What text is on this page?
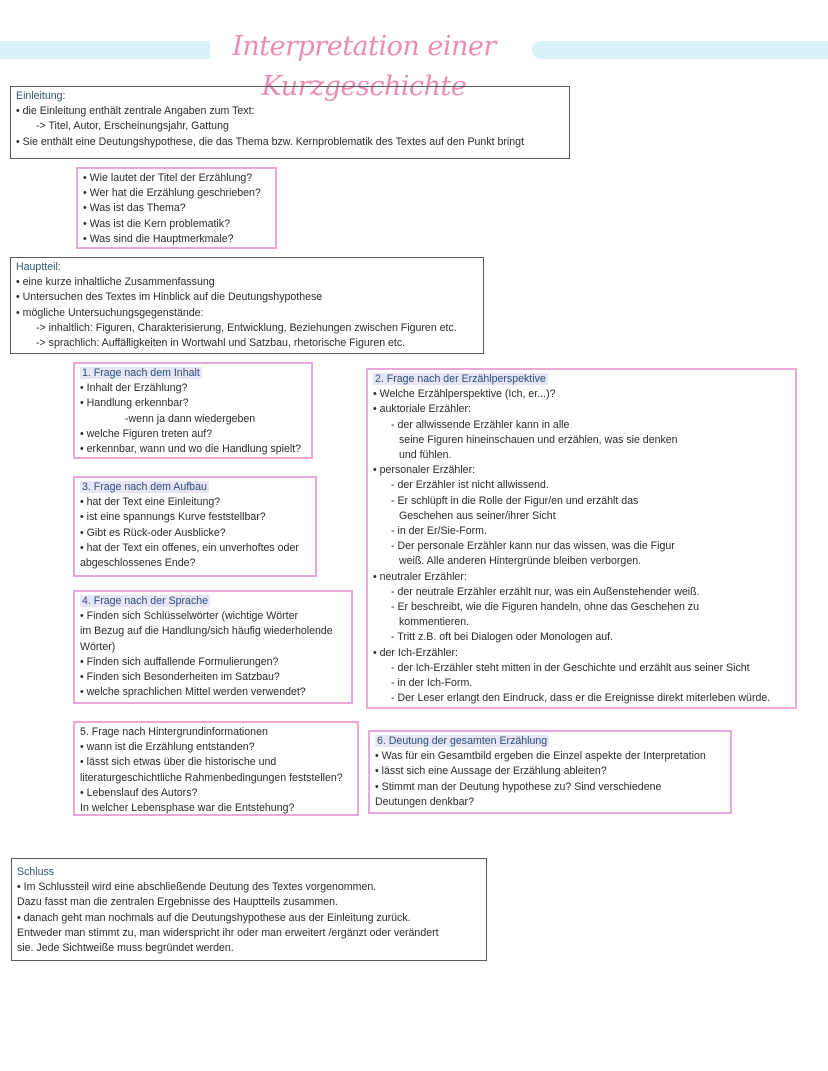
Interpretation einer Kurzgeschichte
Einleitung:
• die Einleitung enthält zentrale Angaben zum Text:
-> Titel, Autor, Erscheinungsjahr, Gattung
• Sie enthält eine Deutungshypothese, die das Thema bzw. Kernproblematik des Textes auf den Punkt bringt
• Wie lautet der Titel der Erzählung?
• Wer hat die Erzählung geschrieben?
• Was ist das Thema?
• Was ist die Kern problematik?
• Was sind die Hauptmerkmale?
Hauptteil:
• eine kurze inhaltliche Zusammenfassung
• Untersuchen des Textes im Hinblick auf die Deutungshypothese
• mögliche Untersuchungsgegenstände:
-> inhaltlich: Figuren, Charakterisierung, Entwicklung, Beziehungen zwischen Figuren etc.
-> sprachlich: Auffälligkeiten in Wortwahl und Satzbau, rhetorische Figuren etc.
1. Frage nach dem Inhalt
• Inhalt der Erzählung?
• Handlung erkennbar?
-wenn ja dann wiedergeben
• welche Figuren treten auf?
• erkennbar, wann und wo die Handlung spielt?
3. Frage nach dem Aufbau
• hat der Text eine Einleitung?
• ist eine spannungs Kurve feststellbar?
• Gibt es Rück-oder Ausblicke?
• hat der Text ein offenes, ein unverhoftes oder
abgeschlossenes Ende?
4. Frage nach der Sprache
• Finden sich Schlüsselwörter (wichtige Wörter
im Bezug auf die Handlung/sich häufig wiederholende
Wörter)
• Finden sich auffallende Formulierungen?
• Finden sich Besonderheiten im Satzbau?
• welche sprachlichen Mittel werden verwendet?
5. Frage nach Hintergrundinformationen
• wann ist die Erzählung entstanden?
• lässt sich etwas über die historische und
literaturgeschichtliche Rahmenbedingungen feststellen?
• Lebenslauf des Autors?
In welcher Lebensphase war die Entstehung?
2. Frage nach der Erzählperspektive
• Welche Erzählperspektive (Ich, er...)?
• auktoriale Erzähler:
- der allwissende Erzähler kann in alle
seine Figuren hineinschauen und erzählen, was sie denken
und fühlen.
• personaler Erzähler:
- der Erzähler ist nicht allwissend.
- Er schlüpft in die Rolle der Figur/en und erzählt das
Geschehen aus seiner/ihrer Sicht
- in der Er/Sie-Form.
- Der personale Erzähler kann nur das wissen, was die Figur
weiß. Alle anderen Hintergründe bleiben verborgen.
• neutraler Erzähler:
- der neutrale Erzähler erzählt nur, was ein Außenstehender weiß.
- Er beschreibt, wie die Figuren handeln, ohne das Geschehen zu
kommentieren.
- Tritt z.B. oft bei Dialogen oder Monologen auf.
• der Ich-Erzähler:
- der Ich-Erzähler steht mitten in der Geschichte und erzählt aus seiner Sicht
- in der Ich-Form.
- Der Leser erlangt den Eindruck, dass er die Ereignisse direkt miterleben würde.
6. Deutung der gesamten Erzählung
• Was für ein Gesamtbild ergeben die Einzel aspekte der Interpretation
• lässt sich eine Aussage der Erzählung ableiten?
• Stimmt man der Deutung hypothese zu? Sind verschiedene
Deutungen denkbar?
Schluss
• Im Schlussteil wird eine abschließende Deutung des Textes vorgenommen.
Dazu fasst man die zentralen Ergebnisse des Hauptteils zusammen.
• danach geht man nochmals auf die Deutungshypothese aus der Einleitung zurück.
Entweder man stimmt zu, man widerspricht ihr oder man erweitert /ergänzt oder verändert
sie. Jede Sichtweiße muss begründet werden.
